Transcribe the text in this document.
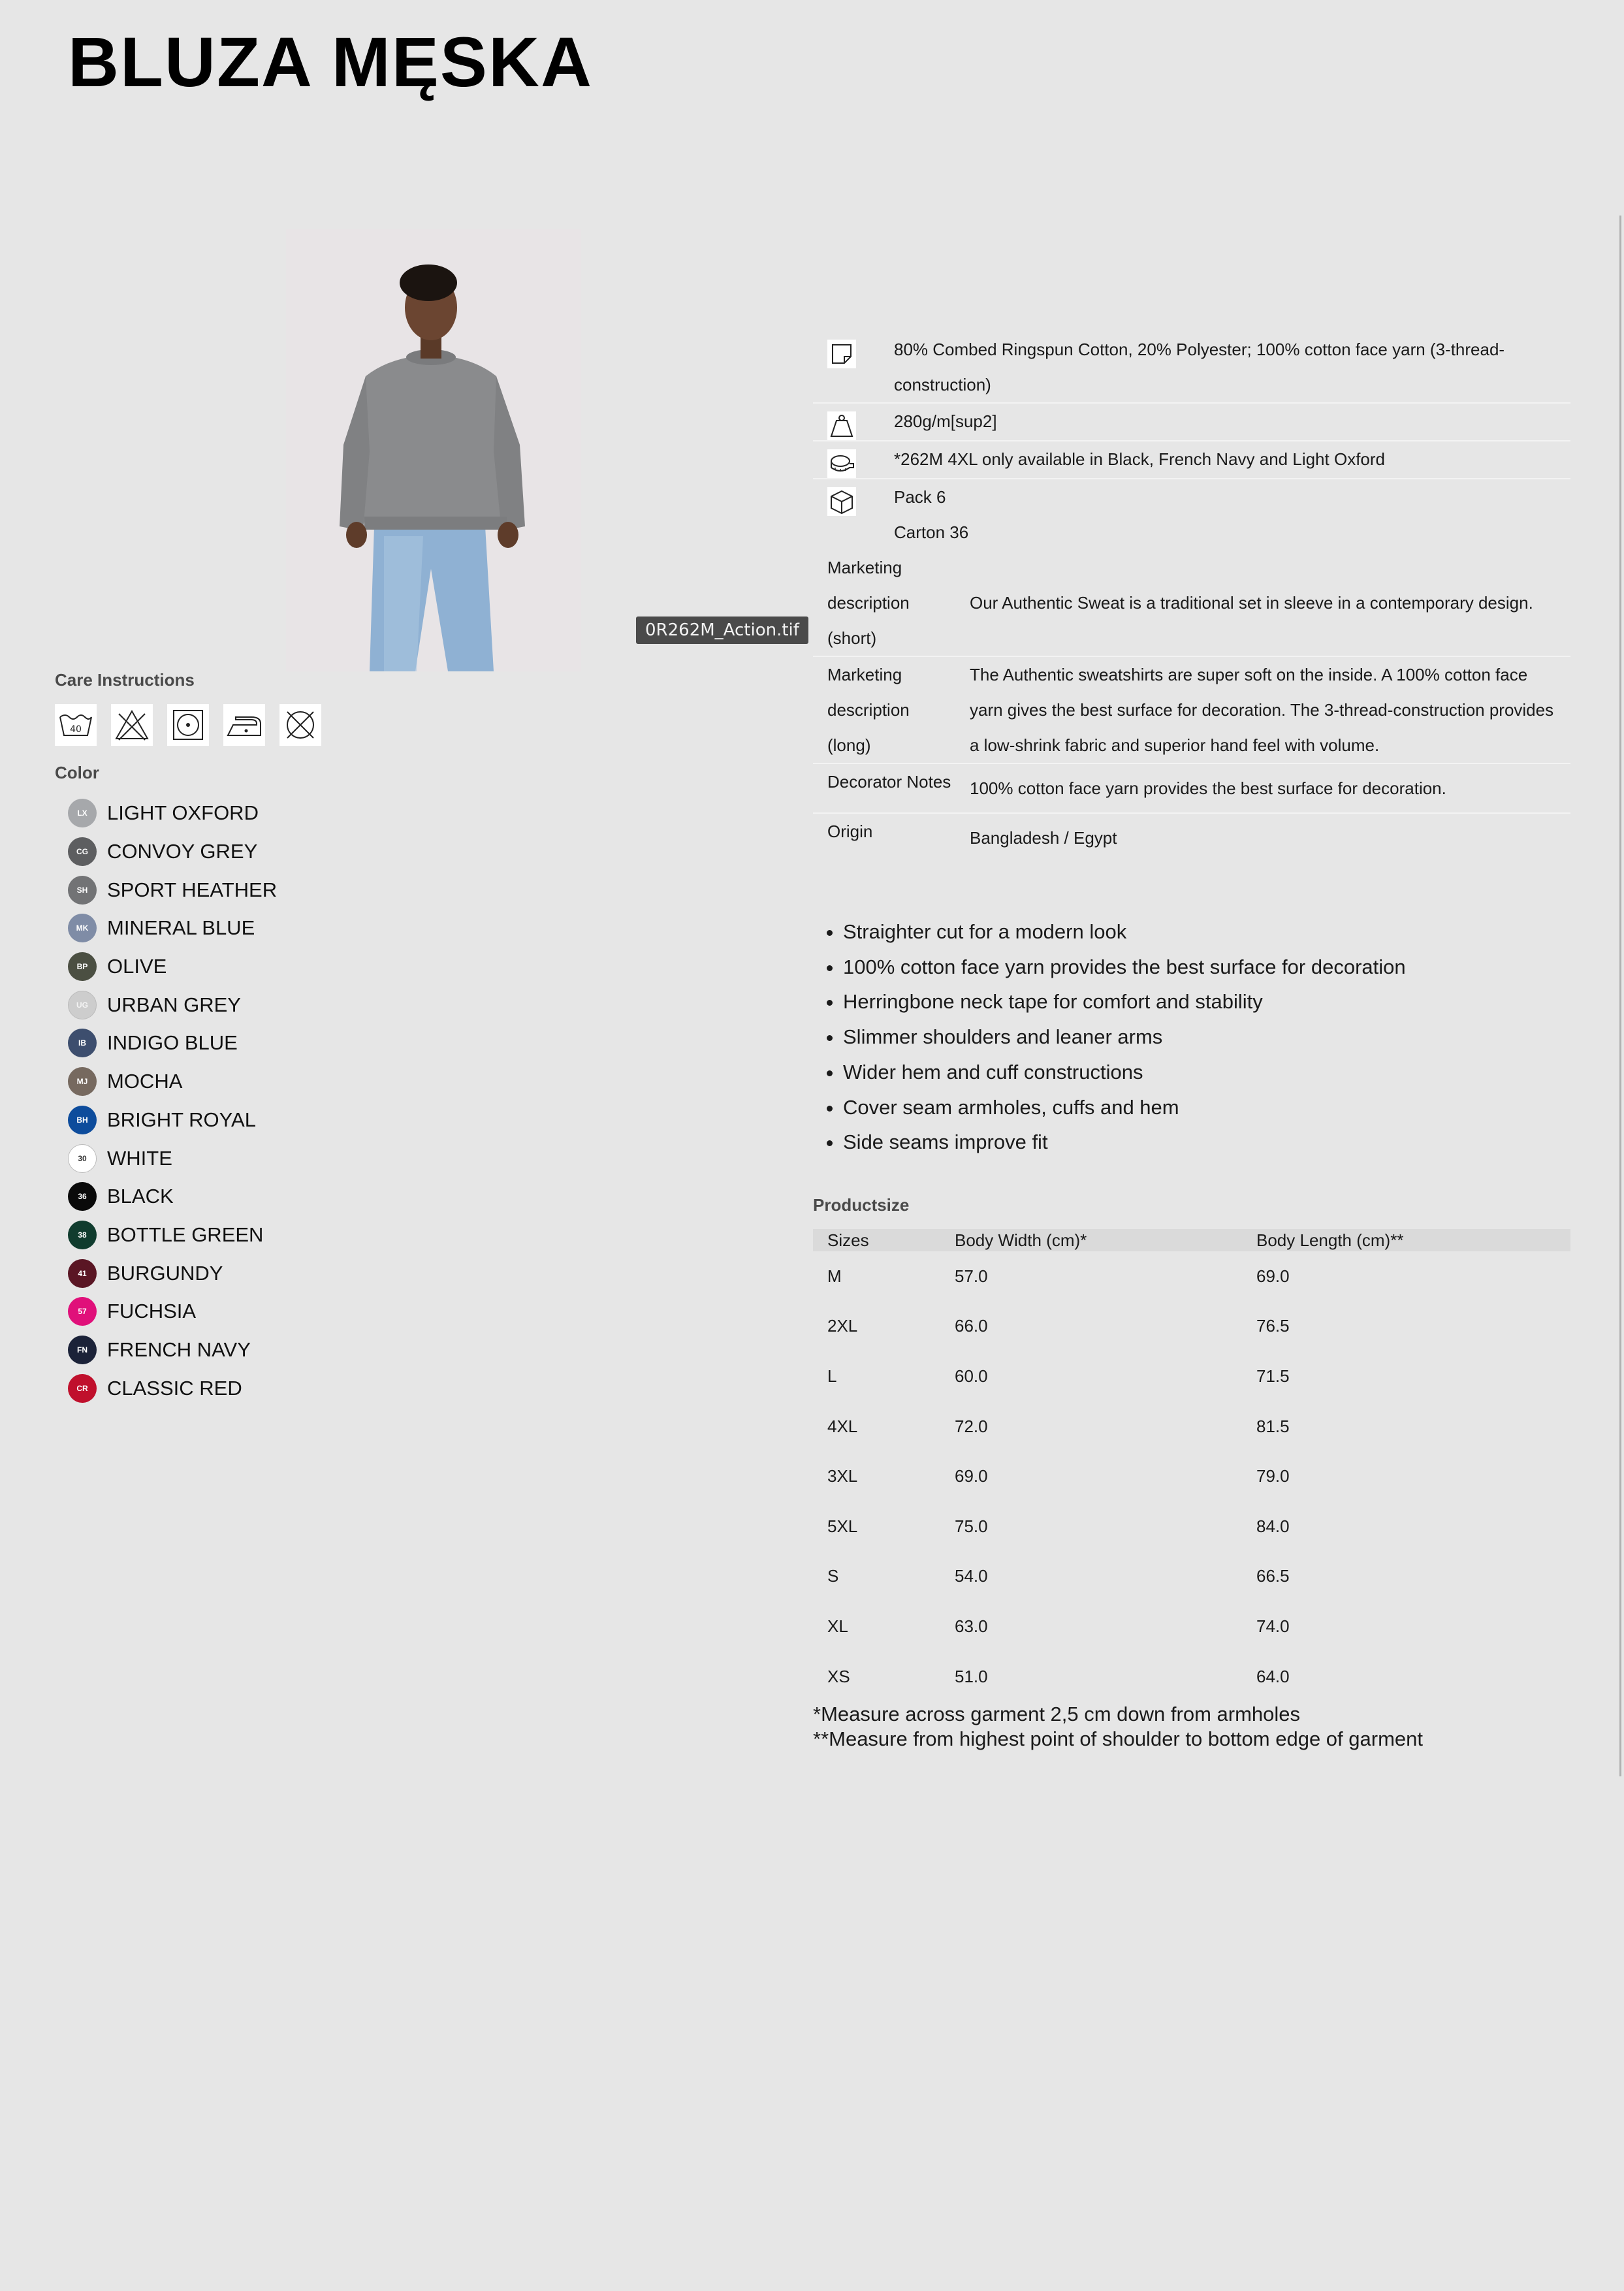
BLUZA MĘSKA
0R262M_Action.tif
Care Instructions
40
Color
LX LIGHT OXFORD
CG CONVOY GREY
SH SPORT HEATHER
MK MINERAL BLUE
BP OLIVE
UG URBAN GREY
IB	INDIGO BLUE
MJ MOCHA
BH BRIGHT ROYAL
30	WHITE
36	BLACK
38	BOTTLE GREEN
41	BURGUNDY
57	FUCHSIA
FN FRENCH NAVY
CR CLASSIC RED
80% Combed Ringspun Cotton, 20% Polyester; 100% cotton face yarn (3-thread-construction)
280g/m[sup2]
*262M 4XL only available in Black, French Navy and Light Oxford
Pack 6
Carton 36
Marketing
description
(short)
Our Authentic Sweat is a traditional set in sleeve in a contemporary design.
Marketing
description
(long)
The Authentic sweatshirts are super soft on the inside. A 100% cotton face yarn gives the best surface for decoration. The 3-thread-construction provides a low-shrink fabric and superior hand feel with volume.
Decorator Notes	100% cotton face yarn provides the best surface for decoration.
Origin	Bangladesh / Egypt
• Straighter cut for a modern look
• 100% cotton face yarn provides the best surface for decoration
• Herringbone neck tape for comfort and stability
• Slimmer shoulders and leaner arms
• Wider hem and cuff constructions
• Cover seam armholes, cuffs and hem
• Side seams improve fit
Productsize
Sizes	Body Width (cm)*	Body Length (cm)**
M	57.0	69.0
2XL	66.0	76.5
L	60.0	71.5
4XL	72.0	81.5
3XL	69.0	79.0
5XL	75.0	84.0
S	54.0	66.5
XL	63.0	74.0
XS	51.0	64.0
*Measure across garment 2,5 cm down from armholes
**Measure from highest point of shoulder to bottom edge of garment
